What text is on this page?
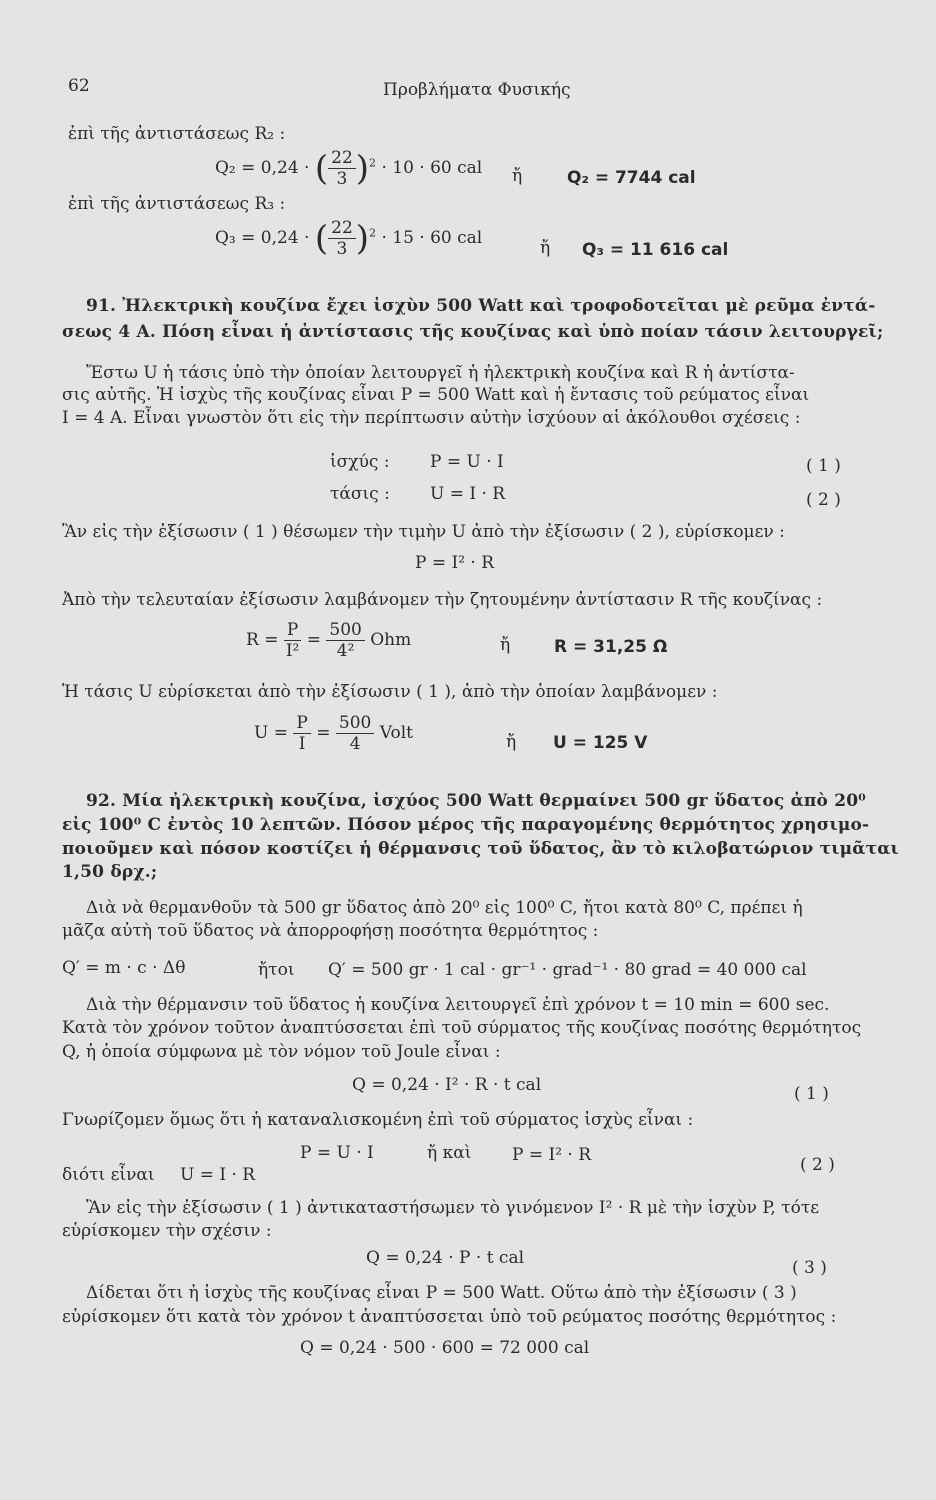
62	Προβλήματα Φυσικής
ἐπὶ τῆς ἀντιστάσεως R₂ :
Q₂ = 0,24 · ( $\frac{22}{3} )^2 \cdot 10 \cdot 60$ cal ἤ	Q₂ = 7744 cal
ἐπὶ τῆς ἀντιστάσεως R₃ :
Q₃ = 0,24 · ( $\frac{22}{3} )^2 \cdot 15 \cdot 60$ cal	ἤ Q₃ = 11 616 cal
91. Ἠλεκτρικὴ κουζίνα ἔχει ἰσχὺν 500 Watt καὶ τροφοδοτεῖται μὲ ρεῦμα ἐντά-
σεως 4 Α. Πόση εἶναι ἡ ἀντίστασις τῆς κουζίνας καὶ ὑπὸ ποίαν τάσιν λειτουργεῖ;
Ἔστω U ἡ τάσις ὑπὸ τὴν ὁποίαν λειτουργεῖ ἡ ἠλεκτρικὴ κουζίνα καὶ R ἡ ἀντίστα-
σις αὐτῆς. Ἡ ἰσχὺς τῆς κουζίνας εἶναι P = 500 Watt καὶ ἡ ἔντασις τοῦ ρεύματος εἶναι
I = 4 A. Εἶναι γνωστὸν ὅτι εἰς τὴν περίπτωσιν αὐτὴν ἰσχύουν αἱ ἀκόλουθοι σχέσεις :
ἰσχύς : P = U · I	( 1 )
τάσις : U = I · R	( 2 )
Ἂν εἰς τὴν ἐξίσωσιν ( 1 ) θέσωμεν τὴν τιμὴν U ἀπὸ τὴν ἐξίσωσιν ( 2 ), εὑρίσκομεν :
P = I² · R
Ἀπὸ τὴν τελευταίαν ἐξίσωσιν λαμβάνομεν τὴν ζητουμένην ἀντίστασιν R τῆς κουζίνας :
$R = \frac{P}{\text{I²}} = \frac{500}{\text{4²}}$ Ohm	ἤ	R = 31,25 Ω
Ἡ τάσις U εὑρίσκεται ἀπὸ τὴν ἐξίσωσιν ( 1 ), ἀπὸ τὴν ὁποίαν λαμβάνομεν :
$U = \frac{P}{I} = \frac{500}{4}$ Volt	ἤ U = 125 V
92. Μία ἠλεκτρικὴ κουζίνα, ἰσχύος 500 Watt θερμαίνει 500 gr ὕδατος ἀπὸ 20⁰
εἰς 100⁰ C ἐντὸς 10 λεπτῶν. Πόσον μέρος τῆς παραγομένης θερμότητος χρησιμο-
ποιοῦμεν καὶ πόσον κοστίζει ἡ θέρμανσις τοῦ ὕδατος, ἂν τὸ κιλοβατώριον τιμᾶται
1,50 δρχ.;
Διὰ νὰ θερμανθοῦν τὰ 500 gr ὕδατος ἀπὸ 20⁰ εἰς 100⁰ C, ἤτοι κατὰ 80⁰ C, πρέπει ἡ
μᾶζα αὐτὴ τοῦ ὕδατος νὰ ἀπορροφήσῃ ποσότητα θερμότητος :
Q′ = m · c · Δθ	ἤτοι Q′ = 500 gr · 1 cal · gr⁻¹ · grad⁻¹ · 80 grad = 40 000 cal
Διὰ τὴν θέρμανσιν τοῦ ὕδατος ἡ κουζίνα λειτουργεῖ ἐπὶ χρόνον t = 10 min = 600 sec.
Κατὰ τὸν χρόνον τοῦτον ἀναπτύσσεται ἐπὶ τοῦ σύρματος τῆς κουζίνας ποσότης θερμότητος
Q, ἡ ὁποία σύμφωνα μὲ τὸν νόμον τοῦ Joule εἶναι :
Q = 0,24 · I² · R · t cal	( 1 )
Γνωρίζομεν ὅμως ὅτι ἡ καταναλισκομένη ἐπὶ τοῦ σύρματος ἰσχὺς εἶναι :
P = U · I	ἤ καὶ P = I² · R	( 2 )
διότι εἶναι U = I · R
Ἂν εἰς τὴν ἐξίσωσιν ( 1 ) ἀντικαταστήσωμεν τὸ γινόμενον I² · R μὲ τὴν ἰσχὺν P, τότε
εὑρίσκομεν τὴν σχέσιν :
Q = 0,24 · P · t cal	( 3 )
Δίδεται ὅτι ἡ ἰσχὺς τῆς κουζίνας εἶναι P = 500 Watt. Οὕτω ἀπὸ τὴν ἐξίσωσιν ( 3 )
εὑρίσκομεν ὅτι κατὰ τὸν χρόνον t ἀναπτύσσεται ὑπὸ τοῦ ρεύματος ποσότης θερμότητος :
Q = 0,24 · 500 · 600 = 72 000 cal
